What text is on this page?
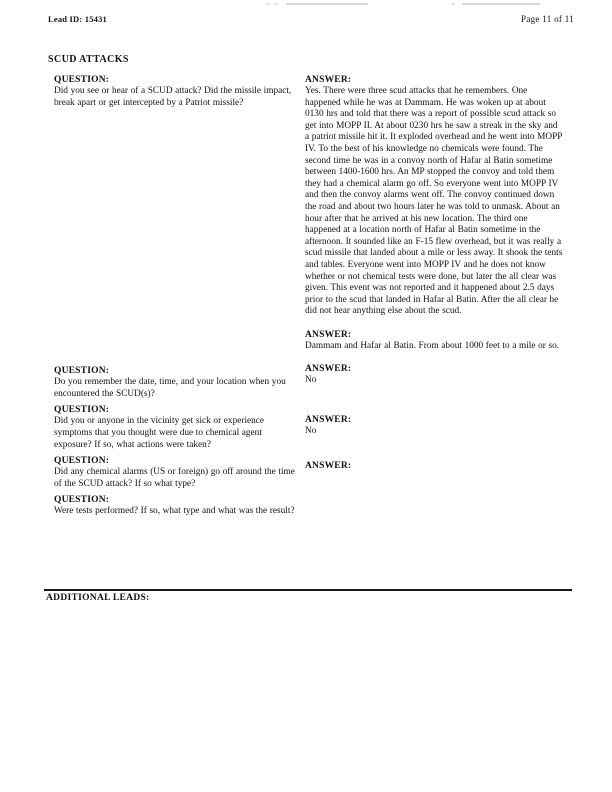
Lead ID: 15431	Page 11 of 11
SCUD ATTACKS

QUESTION:

Did you see or hear of a SCUD attack? Did the missile impact, break apart or get intercepted by a Patriot missile?

QUESTION:

Do you remember the date, time, and your location when you encountered the SCUD(s)?

QUESTION:

Did you or anyone in the vicinity get sick or experience symptoms that you thought were due to chemical agent exposure? If so, what actions were taken?

QUESTION:

Did any chemical alarms (US or foreign) go off around the time of the SCUD attack? If so what type?

QUESTION:

Were tests performed? If so, what type and what was the result?

ANSWER:

Yes. There were three scud attacks that he remembers. One happened while he was at Dammam. He was woken up at about 0130 hrs and told that there was a report of possible scud attack so get into MOPP II. At about 0230 hrs he saw a streak in the sky and a patriot missile hit it. It exploded overhead and he went into MOPP IV. To the best of his knowledge no chemicals were found. The second time he was in a convoy north of Hafar al Batin sometime between 1400-1600 hrs. An MP stopped the convoy and told them they had a chemical alarm go off. So everyone went into MOPP IV and then the convoy alarms went off. The convoy continued down the road and about two hours later he was told to unmask. About an hour after that he arrived at his new location. The third one happened at a location north of Hafar al Batin sometime in the afternoon. It sounded like an F-15 flew overhead, but it was really a scud missile that landed about a mile or less away. It shook the tents and tables. Everyone went into MOPP IV and he does not know whether or not chemical tests were done, but later the all clear was given. This event was not reported and it happened about 2.5 days prior to the scud that landed in Hafar al Batin. After the all clear he did not hear anything else about the scud.

ANSWER:

Dammam and Hafar al Batin. From about 1000 feet to a mile or so.

ANSWER:

No

ANSWER:

No

ANSWER:

ADDITIONAL LEADS:
